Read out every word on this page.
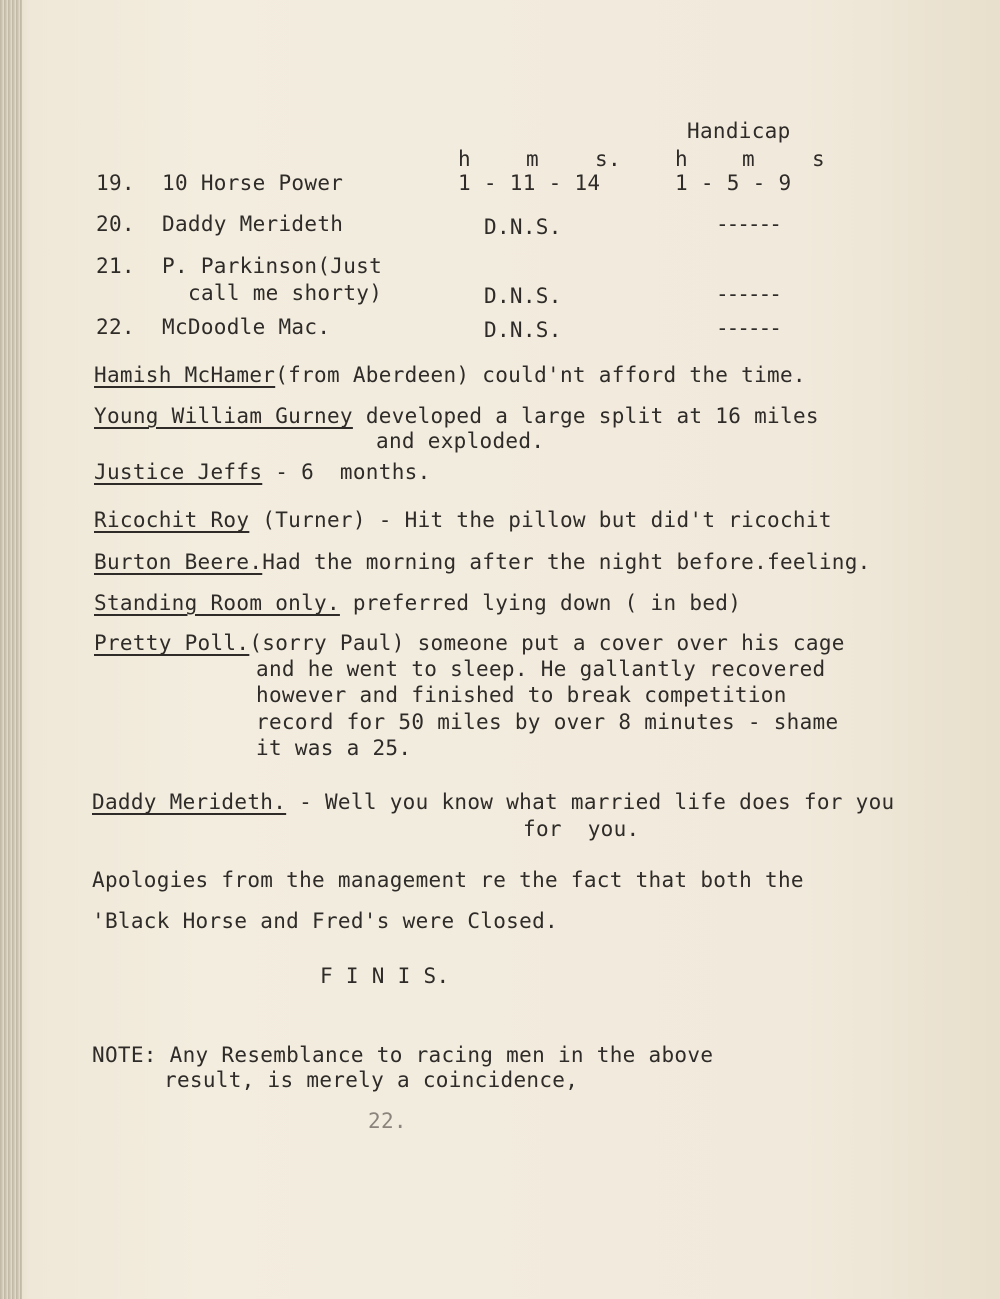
Handicap
h	m	s.	h	m	s
19. 10 Horse Power	1 - 11 - 14	1 - 5 - 9
20. Daddy Merideth	D.N.S.	------
21. P. Parkinson(Just
call me shorty)	D.N.S.	------
22. McDoodle Mac.	D.N.S.	------
Hamish McHamer(from Aberdeen) could'nt afford the time.
Young William Gurney developed a large split at 16 miles
and exploded.
Justice Jeffs - 6  months.
Ricochit Roy (Turner) - Hit the pillow but did't ricochit
Burton Beere.Had the morning after the night before.feeling.
Standing Room only. preferred lying down ( in bed)
Pretty Poll.(sorry Paul) someone put a cover over his cage
and he went to sleep. He gallantly recovered
however and finished to break competition
record for 50 miles by over 8 minutes - shame
it was a 25.
Daddy Merideth. - Well you know what married life does for you
for  you.
Apologies from the management re the fact that both the
'Black Horse and Fred's were Closed.
F I N I S.
NOTE: Any Resemblance to racing men in the above
result, is merely a coincidence,
22.
